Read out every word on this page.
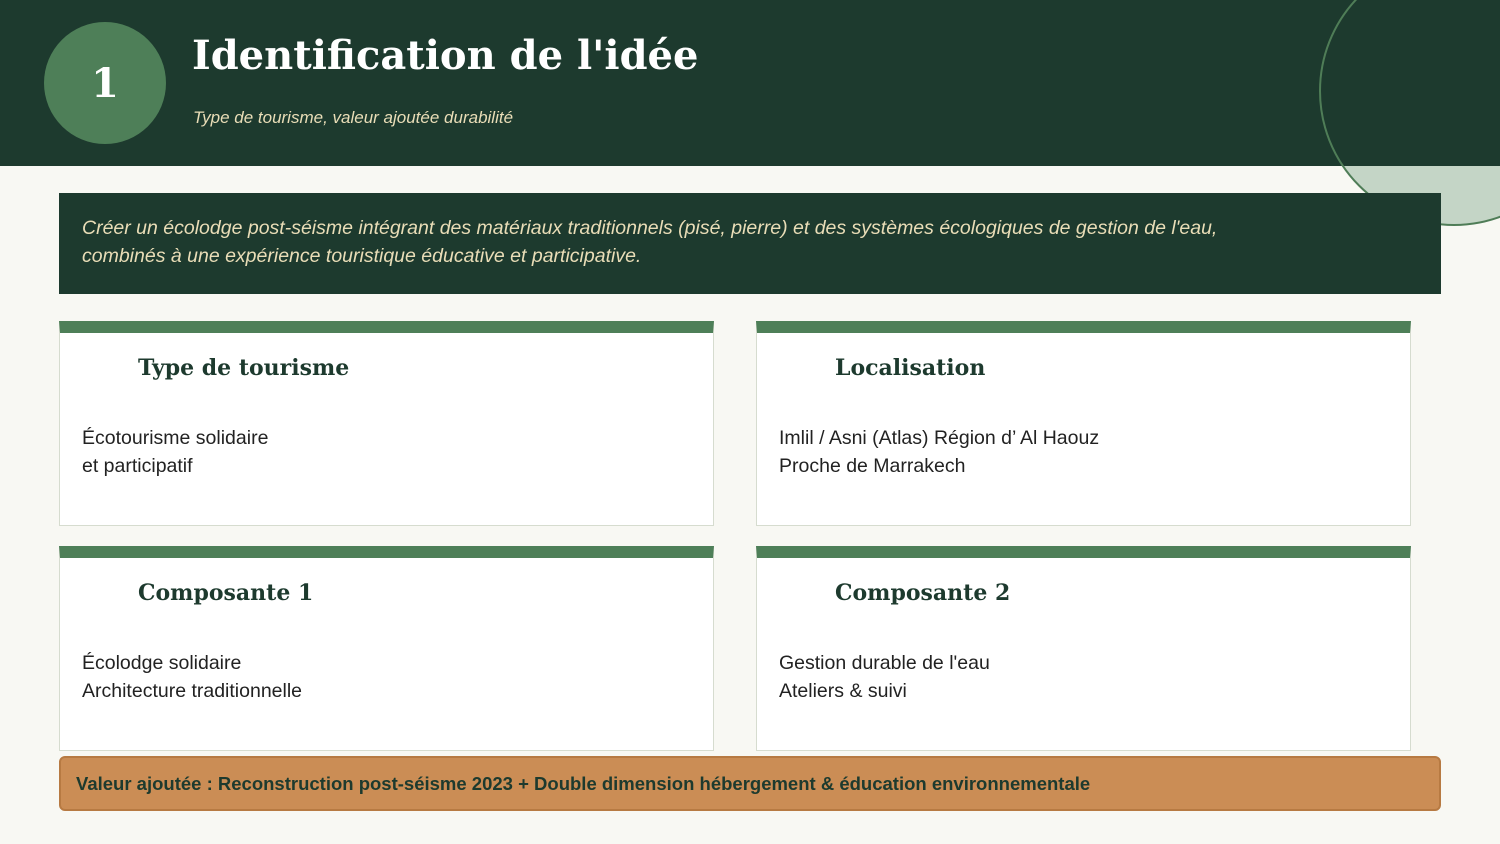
1
Identification de l'idée
Type de tourisme, valeur ajoutée durabilité
Créer un écolodge post-séisme intégrant des matériaux traditionnels (pisé, pierre) et des systèmes écologiques de gestion de l'eau,
combinés à une expérience touristique éducative et participative.
Type de tourisme
Écotourisme solidaire
et participatif
Localisation
Imlil / Asni (Atlas) Région d’ Al Haouz
Proche de Marrakech
Composante 1
Écolodge solidaire
Architecture traditionnelle
Composante 2
Gestion durable de l'eau
Ateliers & suivi
Valeur ajoutée : Reconstruction post-séisme 2023 + Double dimension hébergement & éducation environnementale
